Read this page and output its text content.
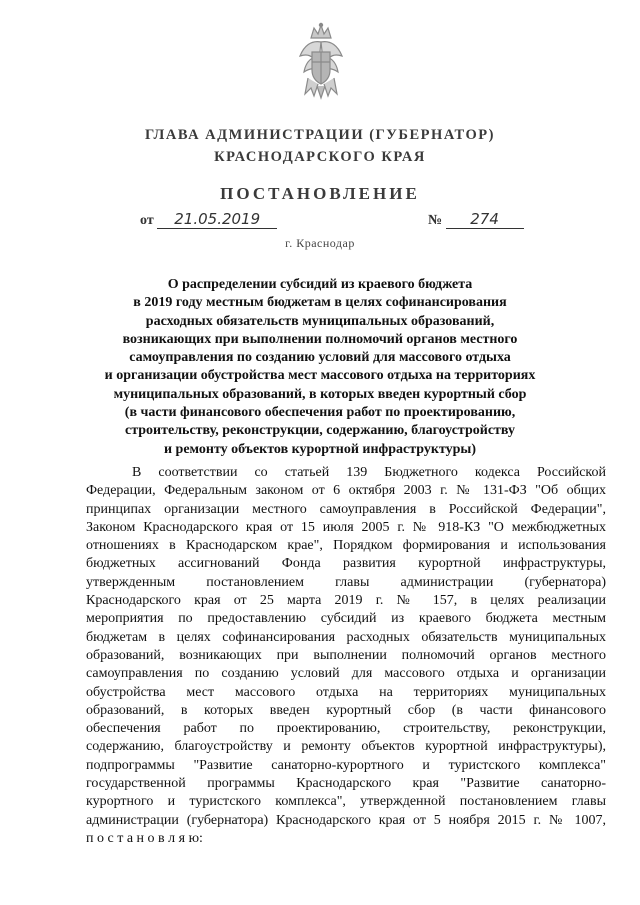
ГЛАВА АДМИНИСТРАЦИИ (ГУБЕРНАТОР)
КРАСНОДАРСКОГО КРАЯ
ПОСТАНОВЛЕНИЕ
от 21.05.2019	№ 274
г. Краснодар
О распределении субсидий из краевого бюджета
в 2019 году местным бюджетам в целях софинансирования
расходных обязательств муниципальных образований,
возникающих при выполнении полномочий органов местного
самоуправления по созданию условий для массового отдыха
и организации обустройства мест массового отдыха на территориях
муниципальных образований, в которых введен курортный сбор
(в части финансового обеспечения работ по проектированию,
строительству, реконструкции, содержанию, благоустройству
и ремонту объектов курортной инфраструктуры)
В соответствии со статьей 139 Бюджетного кодекса Российской
Федерации, Федеральным законом от 6 октября 2003 г. № 131-ФЗ "Об общих
принципах организации местного самоуправления в Российской Федерации",
Законом Краснодарского края от 15 июля 2005 г. № 918-КЗ "О межбюджетных
отношениях в Краснодарском крае", Порядком формирования и использования
бюджетных ассигнований Фонда развития курортной инфраструктуры,
утвержденным постановлением главы администрации (губернатора)
Краснодарского края от 25 марта 2019 г. № 157, в целях реализации
мероприятия по предоставлению субсидий из краевого бюджета местным
бюджетам в целях софинансирования расходных обязательств муниципальных
образований, возникающих при выполнении полномочий органов местного
самоуправления по созданию условий для массового отдыха и организации
обустройства мест массового отдыха на территориях муниципальных
образований, в которых введен курортный сбор (в части финансового
обеспечения работ по проектированию, строительству, реконструкции,
содержанию, благоустройству и ремонту объектов курортной инфраструктуры),
подпрограммы "Развитие санаторно-курортного и туристского комплекса"
государственной программы Краснодарского края "Развитие санаторно-
курортного и туристского комплекса", утвержденной постановлением главы
администрации (губернатора) Краснодарского края от 5 ноября 2015 г. № 1007,
п о с т а н о в л я ю:
